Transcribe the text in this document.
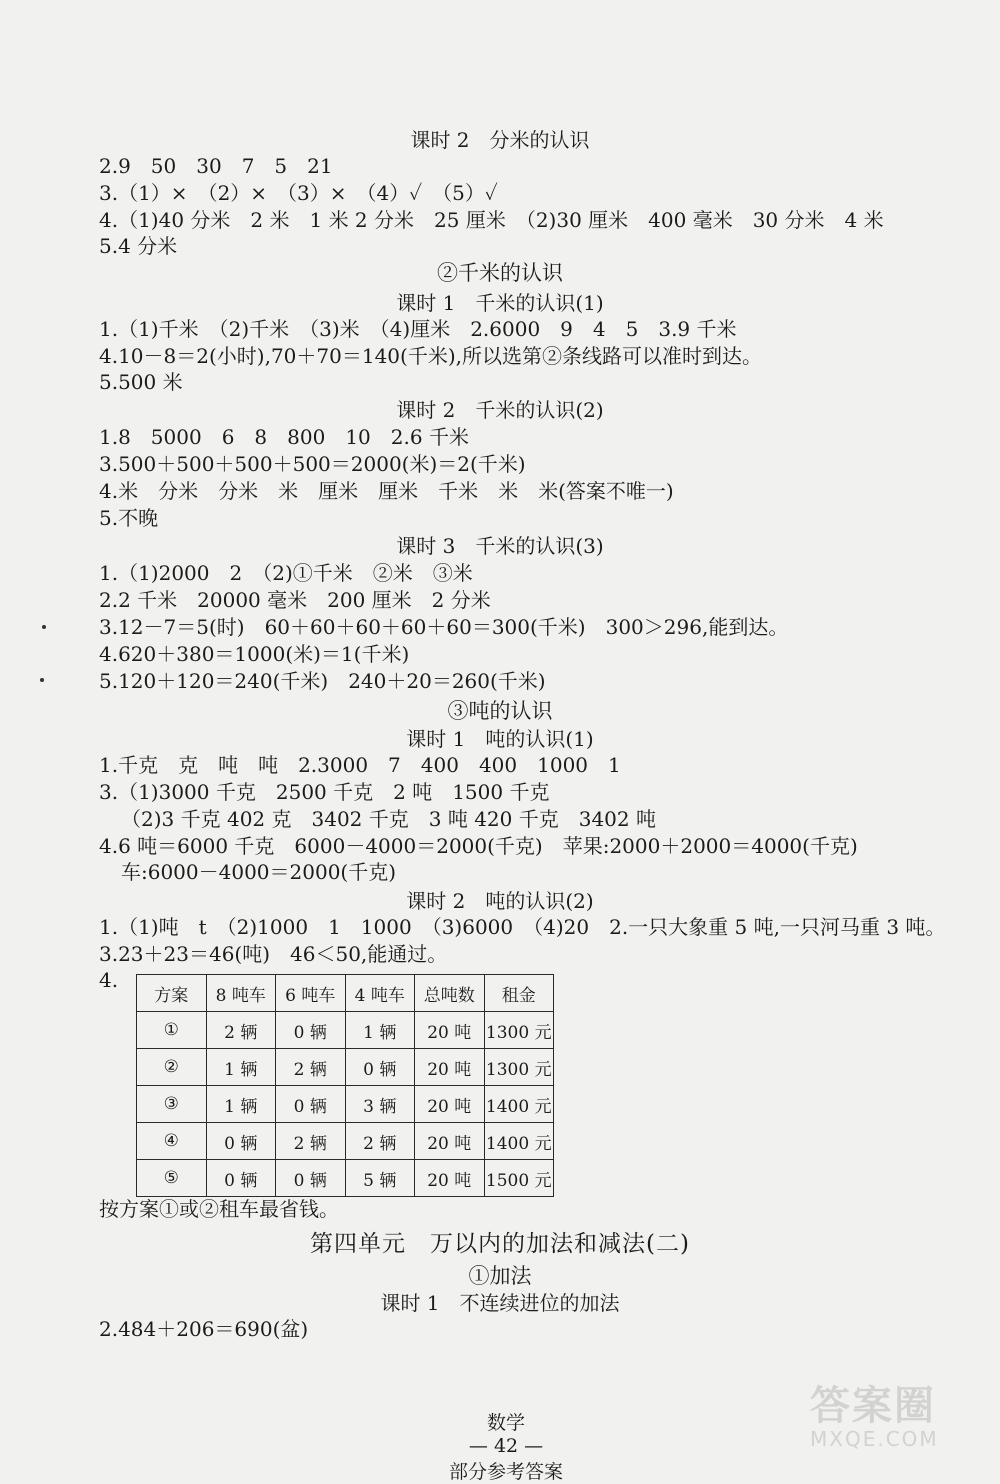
课时 2　分米的认识
2.9　50　30　7　5　21
3.（1）×　（2）×　（3）×　（4）✓　（5）✓
4.（1)40 分米　2 米　1 米 2 分米　25 厘米　（2)30 厘米　400 毫米　30 分米　4 米
5.4 分米
②千米的认识
课时 1　千米的认识(1)
1.（1)千米　（2)千米　（3)米　（4)厘米　2.6000　9　4　5　3.9 千米
4.10－8＝2(小时),70＋70＝140(千米),所以选第②条线路可以准时到达。
5.500 米
课时 2　千米的认识(2)
1.8　5000　6　8　800　10　2.6 千米
3.500＋500＋500＋500＝2000(米)＝2(千米)
4.米　分米　分米　米　厘米　厘米　千米　米　米(答案不唯一)
5.不晚
课时 3　千米的认识(3)
1.（1)2000　2　（2)①千米　②米　③米
2.2 千米　20000 毫米　200 厘米　2 分米
3.12－7＝5(时)　60＋60＋60＋60＋60＝300(千米)　300＞296,能到达。
4.620＋380＝1000(米)＝1(千米)
5.120＋120＝240(千米)　240＋20＝260(千米)
③吨的认识
课时 1　吨的认识(1)
1.千克　克　吨　吨　2.3000　7　400　400　1000　1
3.（1)3000 千克　2500 千克　2 吨　1500 千克
（2)3 千克 402 克　3402 千克　3 吨 420 千克　3402 吨
4.6 吨＝6000 千克　6000－4000＝2000(千克)　苹果:2000＋2000＝4000(千克)
车:6000－4000＝2000(千克)
课时 2　吨的认识(2)
1.（1)吨　t　（2)1000　1　1000　（3)6000　（4)20　2.一只大象重 5 吨,一只河马重 3 吨。
3.23＋23＝46(吨)　46＜50,能通过。
4.
方案	8 吨车	6 吨车	4 吨车	总吨数	租金
①	2 辆	0 辆	1 辆	20 吨	1300 元
②	1 辆	2 辆	0 辆	20 吨	1300 元
③	1 辆	0 辆	3 辆	20 吨	1400 元
④	0 辆	2 辆	2 辆	20 吨	1400 元
⑤	0 辆	0 辆	5 辆	20 吨	1500 元
按方案①或②租车最省钱。
第四单元　万以内的加法和减法(二)
①加法
课时 1　不连续进位的加法
2.484＋206＝690(盆)

数学
— 42 —
部分参考答案

答案圈
MXQE.COM
